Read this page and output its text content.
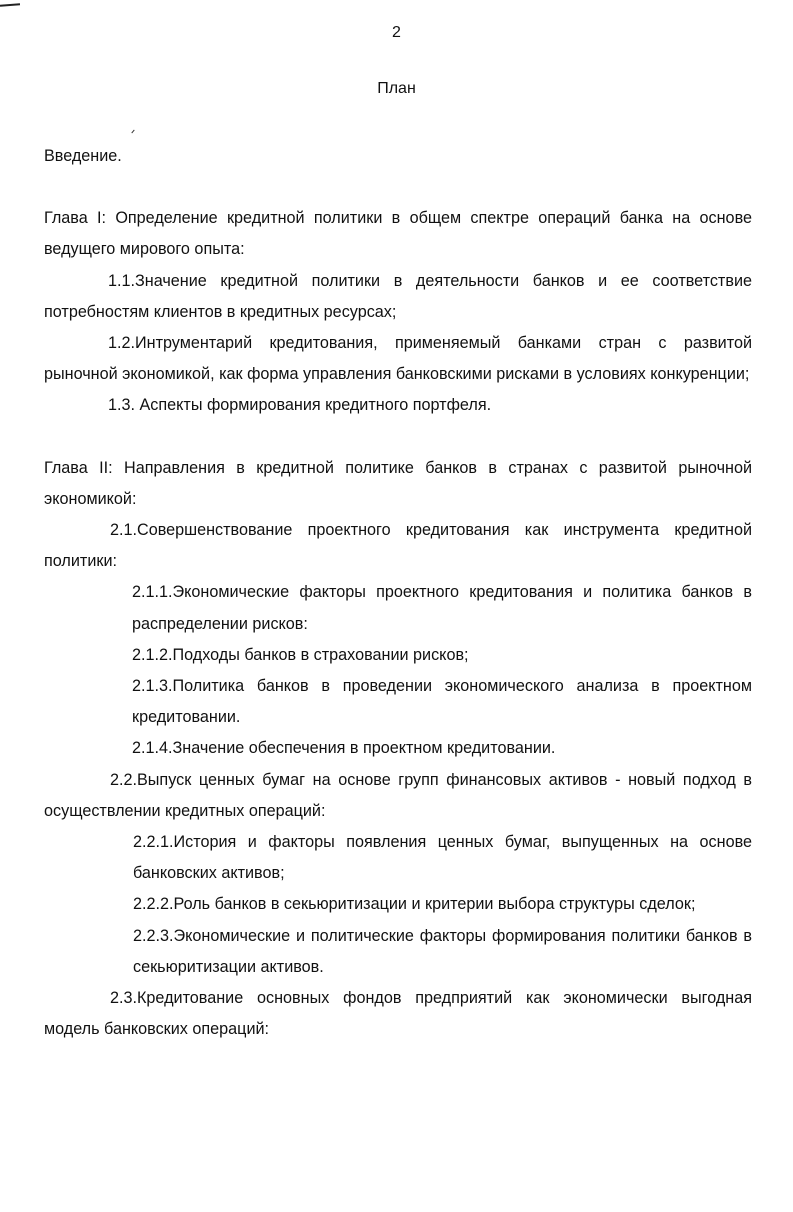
2
План

Введение.

Глава I: Определение кредитной политики в общем спектре операций банка на основе ведущего мирового опыта:

1.1.Значение кредитной политики в деятельности банков и ее соответствие потребностям клиентов в кредитных ресурсах;

1.2.Интрументарий кредитования, применяемый банками стран с развитой рыночной экономикой, как форма управления банковскими рисками в условиях конкуренции;

1.3. Аспекты формирования кредитного портфеля.

Глава II: Направления в кредитной политике банков в странах с развитой рыночной экономикой:

2.1.Совершенствование проектного кредитования как инструмента кредитной политики:

2.1.1.Экономические факторы проектного кредитования и политика банков в распределении рисков:

2.1.2.Подходы банков в страховании рисков;

2.1.3.Политика банков в проведении экономического анализа в проектном кредитовании.

2.1.4.Значение обеспечения в проектном кредитовании.

2.2.Выпуск ценных бумаг на основе групп финансовых активов - новый подход в осуществлении кредитных операций:

2.2.1.История и факторы появления ценных бумаг, выпущенных на основе банковских активов;

2.2.2.Роль банков в секьюритизации и критерии выбора структуры сделок;

2.2.3.Экономические и политические факторы формирования политики банков в секьюритизации активов.

2.3.Кредитование основных фондов предприятий как экономически выгодная модель банковских операций:
